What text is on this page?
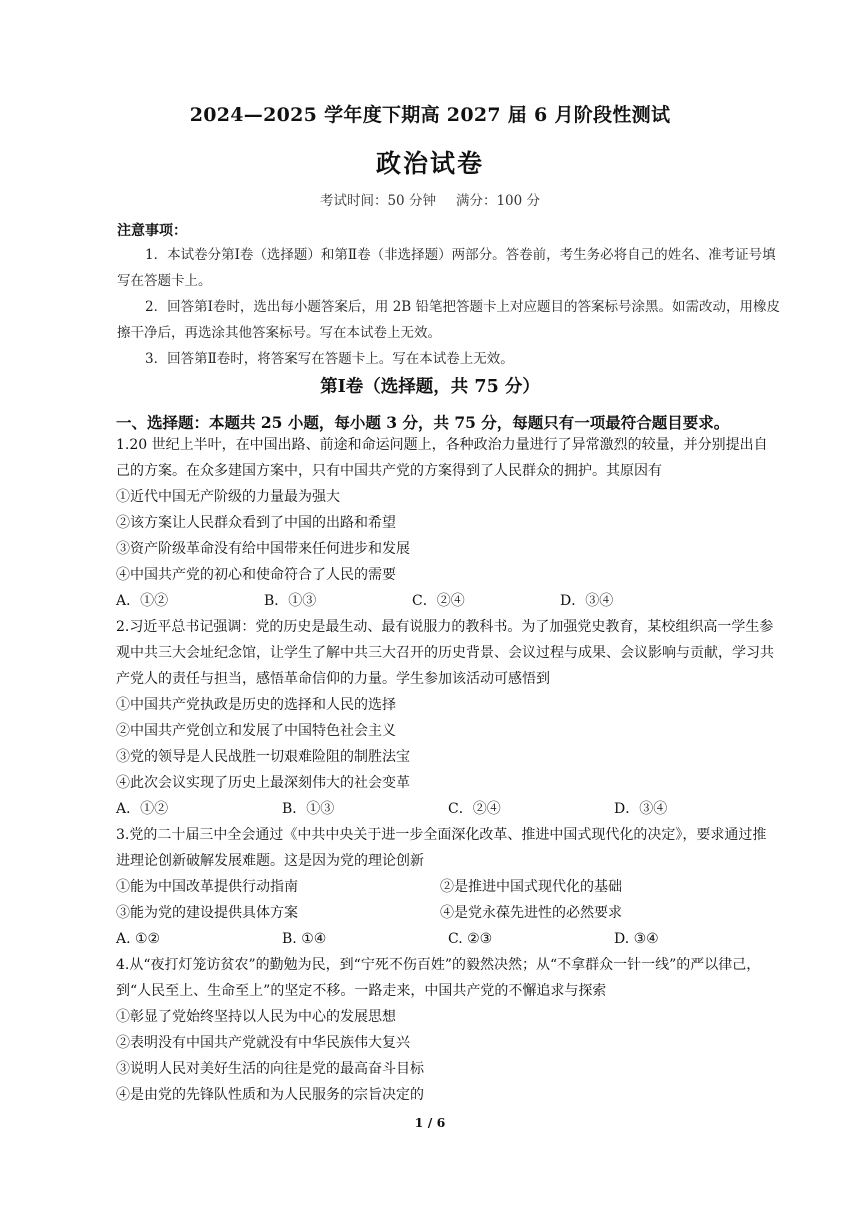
2024—2025 学年度下期高 2027 届 6 月阶段性测试
政治试卷
考试时间：50 分钟 满分：100 分
注意事项：

1．本试卷分第Ⅰ卷（选择题）和第Ⅱ卷（非选择题）两部分。答卷前，考生务必将自己的姓名、准考证号填写在答题卡上。

2．回答第Ⅰ卷时，选出每小题答案后，用 2B 铅笔把答题卡上对应题目的答案标号涂黑。如需改动，用橡皮擦干净后，再选涂其他答案标号。写在本试卷上无效。

3．回答第Ⅱ卷时，将答案写在答题卡上。写在本试卷上无效。

第Ⅰ卷（选择题，共 75 分）
一、选择题：本题共 25 小题，每小题 3 分，共 75 分，每题只有一项最符合题目要求。

1.20 世纪上半叶，在中国出路、前途和命运问题上，各种政治力量进行了异常激烈的较量，并分别提出自己的方案。在众多建国方案中，只有中国共产党的方案得到了人民群众的拥护。其原因有

①近代中国无产阶级的力量最为强大

②该方案让人民群众看到了中国的出路和希望

③资产阶级革命没有给中国带来任何进步和发展

④中国共产党的初心和使命符合了人民的需要

A．①②	B．①③	C．②④	D．③④

2.习近平总书记强调：党的历史是最生动、最有说服力的教科书。为了加强党史教育，某校组织高一学生参观中共三大会址纪念馆，让学生了解中共三大召开的历史背景、会议过程与成果、会议影响与贡献，学习共产党人的责任与担当，感悟革命信仰的力量。学生参加该活动可感悟到

①中国共产党执政是历史的选择和人民的选择

②中国共产党创立和发展了中国特色社会主义

③党的领导是人民战胜一切艰难险阻的制胜法宝

④此次会议实现了历史上最深刻伟大的社会变革

A．①②	B．①③	C．②④	D．③④

3.党的二十届三中全会通过《中共中央关于进一步全面深化改革、推进中国式现代化的决定》，要求通过推进理论创新破解发展难题。这是因为党的理论创新

①能为中国改革提供行动指南	②是推进中国式现代化的基础
③能为党的建设提供具体方案	④是党永葆先进性的必然要求
A. ①②	B. ①④	C. ②③	D. ③④

4.从“夜打灯笼访贫农”的勤勉为民，到“宁死不伤百姓”的毅然决然；从“不拿群众一针一线”的严以律己，到“人民至上、生命至上”的坚定不移。一路走来，中国共产党的不懈追求与探索

①彰显了党始终坚持以人民为中心的发展思想

②表明没有中国共产党就没有中华民族伟大复兴

③说明人民对美好生活的向往是党的最高奋斗目标

④是由党的先锋队性质和为人民服务的宗旨决定的

1 / 6
